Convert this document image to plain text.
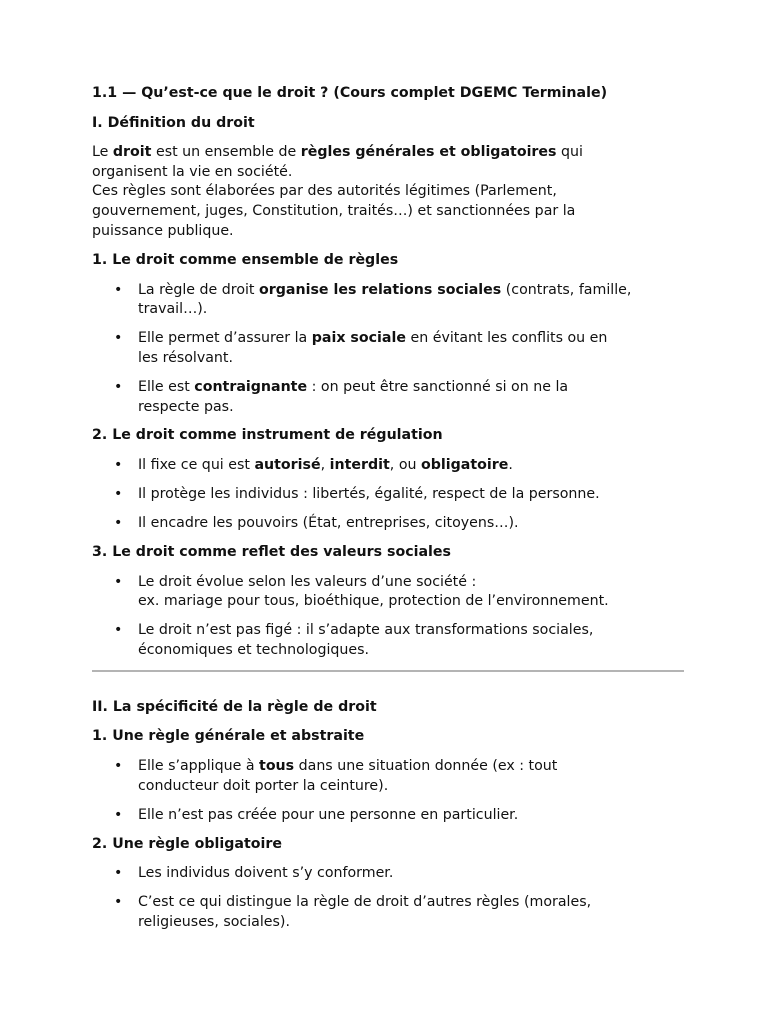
1.1 — Qu’est-ce que le droit ? (Cours complet DGEMC Terminale)

I. Définition du droit

Le droit est un ensemble de règles générales et obligatoires qui
organisent la vie en société.
Ces règles sont élaborées par des autorités légitimes (Parlement,
gouvernement, juges, Constitution, traités…) et sanctionnées par la
puissance publique.

1. Le droit comme ensemble de règles

• La règle de droit organise les relations sociales (contrats, famille,
travail…).
• Elle permet d’assurer la paix sociale en évitant les conflits ou en
les résolvant.
• Elle est contraignante : on peut être sanctionné si on ne la
respecte pas.

2. Le droit comme instrument de régulation

• Il fixe ce qui est autorisé, interdit, ou obligatoire.
• Il protège les individus : libertés, égalité, respect de la personne.
• Il encadre les pouvoirs (État, entreprises, citoyens…).

3. Le droit comme reflet des valeurs sociales

• Le droit évolue selon les valeurs d’une société :
ex. mariage pour tous, bioéthique, protection de l’environnement.
• Le droit n’est pas figé : il s’adapte aux transformations sociales,
économiques et technologiques.

II. La spécificité de la règle de droit

1. Une règle générale et abstraite

• Elle s’applique à tous dans une situation donnée (ex : tout
conducteur doit porter la ceinture).
• Elle n’est pas créée pour une personne en particulier.

2. Une règle obligatoire

• Les individus doivent s’y conformer.
• C’est ce qui distingue la règle de droit d’autres règles (morales,
religieuses, sociales).
